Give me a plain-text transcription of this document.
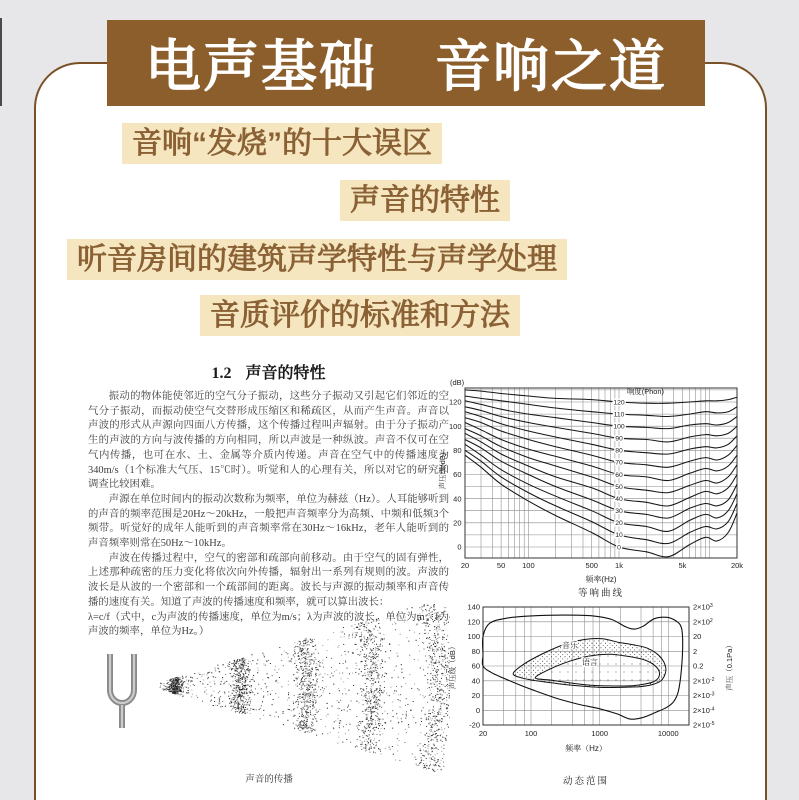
电声基础　音响之道
音响“发烧”的十大误区
声音的特性
听音房间的建筑声学特性与声学处理
音质评价的标准和方法
1.2 声音的特性

振动的物体能使邻近的空气分子振动，这些分子振动又引起它们邻近的空气分子振动，而振动使空气交替形成压缩区和稀疏区，从而产生声音。声音以声波的形式从声源向四面八方传播，这个传播过程叫声辐射。由于分子振动产生的声波的方向与波传播的方向相同，所以声波是一种纵波。声音不仅可在空气内传播，也可在水、土、金属等介质内传递。声音在空气中的传播速度为340m/s（1个标准大气压、15℃时）。听觉和人的心理有关，所以对它的研究和调查比较困难。

声源在单位时间内的振动次数称为频率，单位为赫兹（Hz）。人耳能够听到的声音的频率范围是20Hz～20kHz，一般把声音频率分为高频、中频和低频3个频带。听觉好的成年人能听到的声音频率常在30Hz～16kHz，老年人能听到的声音频率则常在50Hz～10kHz。

声波在传播过程中，空气的密部和疏部向前移动。由于空气的固有弹性，上述那种疏密的压力变化将依次向外传播，辐射出一系列有规则的波。声波的波长是从波的一个密部和一个疏部间的距离。波长与声源的振动频率和声音传播的速度有关。知道了声波的传播速度和频率，就可以算出波长：

λ=c/f（式中，c为声波的传播速度，单位为m/s；λ为声波的波长，单位为m；f为声波的频率，单位为Hz。）

声音的传播
0
10
20
30
40
50
60
70
80
90
100
110
120
(dB)
响度(Phon)
120
100
80
60
40
20
0
20	50 100	500 1k	5k	20k
声压级(dB)
频率(Hz)
等响曲线
音乐
语言
140
120
100
80
60
40
20
0
-20
$2\times 10^3$
$2\times 10^2$
20
2
0.2
$2\times 10^{-2}$
$2\times 10^{-3}$
$2\times 10^{-4}$
$2\times 10^{-5}$
20	100	1000	10000
声压级（dB）	声压（0.1Pa）
频率（Hz）
动态范围
